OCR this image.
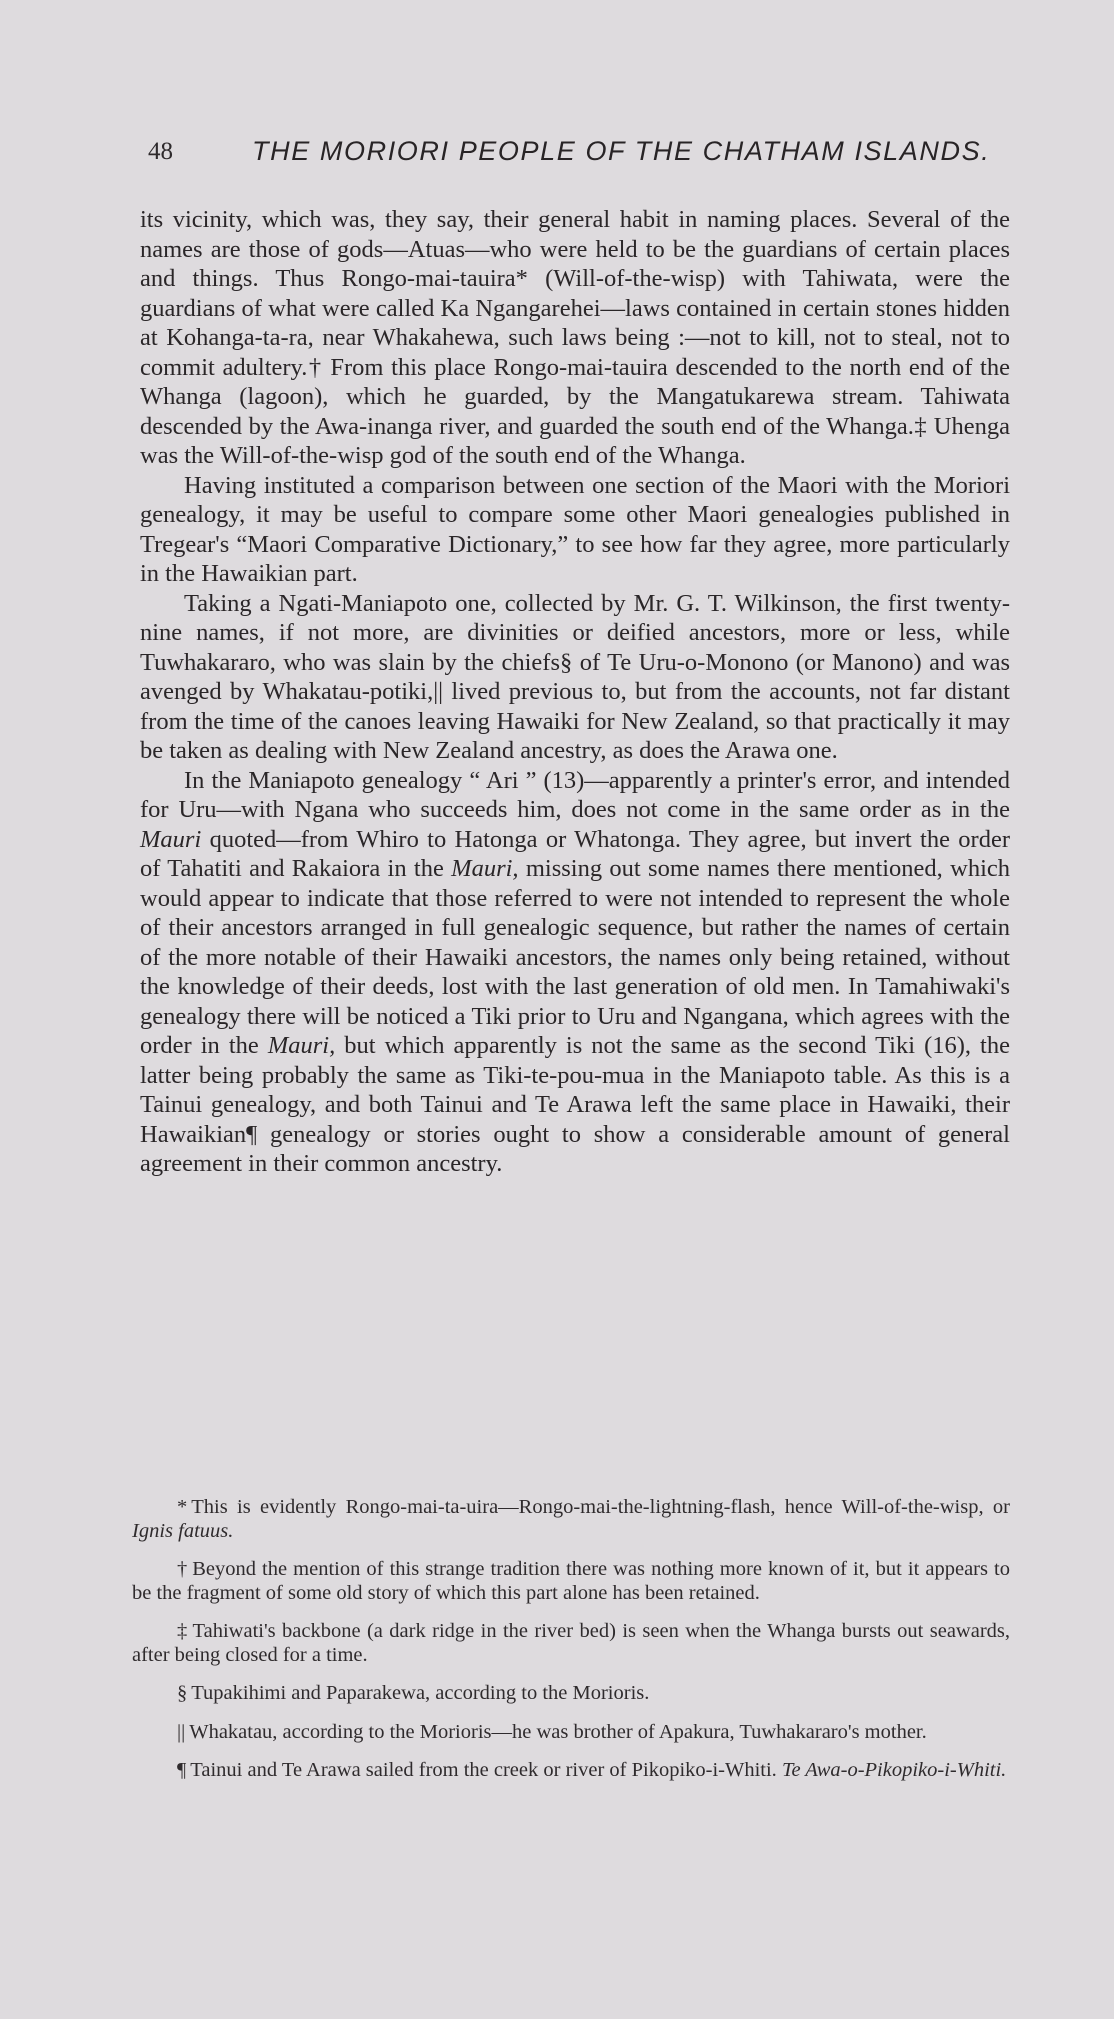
48	THE MORIORI PEOPLE OF THE CHATHAM ISLANDS.

its vicinity, which was, they say, their general habit in naming places. Several of the names are those of gods—Atuas—who were held to be the guardians of certain places and things. Thus Rongo-mai-tauira* (Will-of-the-wisp) with Tahiwata, were the guardians of what were called Ka Ngangarehei—laws contained in certain stones hidden at Kohanga-ta-ra, near Whakahewa, such laws being :—not to kill, not to steal, not to commit adultery.† From this place Rongo-mai-tauira descended to the north end of the Whanga (lagoon), which he guarded, by the Mangatukarewa stream. Tahiwata descended by the Awa-inanga river, and guarded the south end of the Whanga.‡ Uhenga was the Will-of-the-wisp god of the south end of the Whanga.

Having instituted a comparison between one section of the Maori with the Moriori genealogy, it may be useful to compare some other Maori genealogies published in Tregear's “Maori Comparative Dictionary,” to see how far they agree, more particularly in the Hawaikian part.

Taking a Ngati-Maniapoto one, collected by Mr. G. T. Wilkinson, the first twenty-nine names, if not more, are divinities or deified ancestors, more or less, while Tuwhakararo, who was slain by the chiefs§ of Te Uru-o-Monono (or Manono) and was avenged by Whakatau-potiki,|| lived previous to, but from the accounts, not far distant from the time of the canoes leaving Hawaiki for New Zealand, so that practically it may be taken as dealing with New Zealand ancestry, as does the Arawa one.

In the Maniapoto genealogy “ Ari ” (13)—apparently a printer's error, and intended for Uru—with Ngana who succeeds him, does not come in the same order as in the Mauri quoted—from Whiro to Hatonga or Whatonga. They agree, but invert the order of Tahatiti and Rakaiora in the Mauri, missing out some names there mentioned, which would appear to indicate that those referred to were not intended to represent the whole of their ancestors arranged in full genealogic sequence, but rather the names of certain of the more notable of their Hawaiki ancestors, the names only being retained, without the knowledge of their deeds, lost with the last generation of old men. In Tamahiwaki's genealogy there will be noticed a Tiki prior to Uru and Ngangana, which agrees with the order in the Mauri, but which apparently is not the same as the second Tiki (16), the latter being probably the same as Tiki-te-pou-mua in the Maniapoto table. As this is a Tainui genealogy, and both Tainui and Te Arawa left the same place in Hawaiki, their Hawaikian¶ genealogy or stories ought to show a considerable amount of general agreement in their common ancestry.

* This is evidently Rongo-mai-ta-uira—Rongo-mai-the-lightning-flash, hence Will-of-the-wisp, or Ignis fatuus.

† Beyond the mention of this strange tradition there was nothing more known of it, but it appears to be the fragment of some old story of which this part alone has been retained.

‡ Tahiwati's backbone (a dark ridge in the river bed) is seen when the Whanga bursts out seawards, after being closed for a time.

§ Tupakihimi and Paparakewa, according to the Morioris.

|| Whakatau, according to the Morioris—he was brother of Apakura, Tuwhakararo's mother.

¶ Tainui and Te Arawa sailed from the creek or river of Pikopiko-i-Whiti. Te Awa-o-Pikopiko-i-Whiti.
